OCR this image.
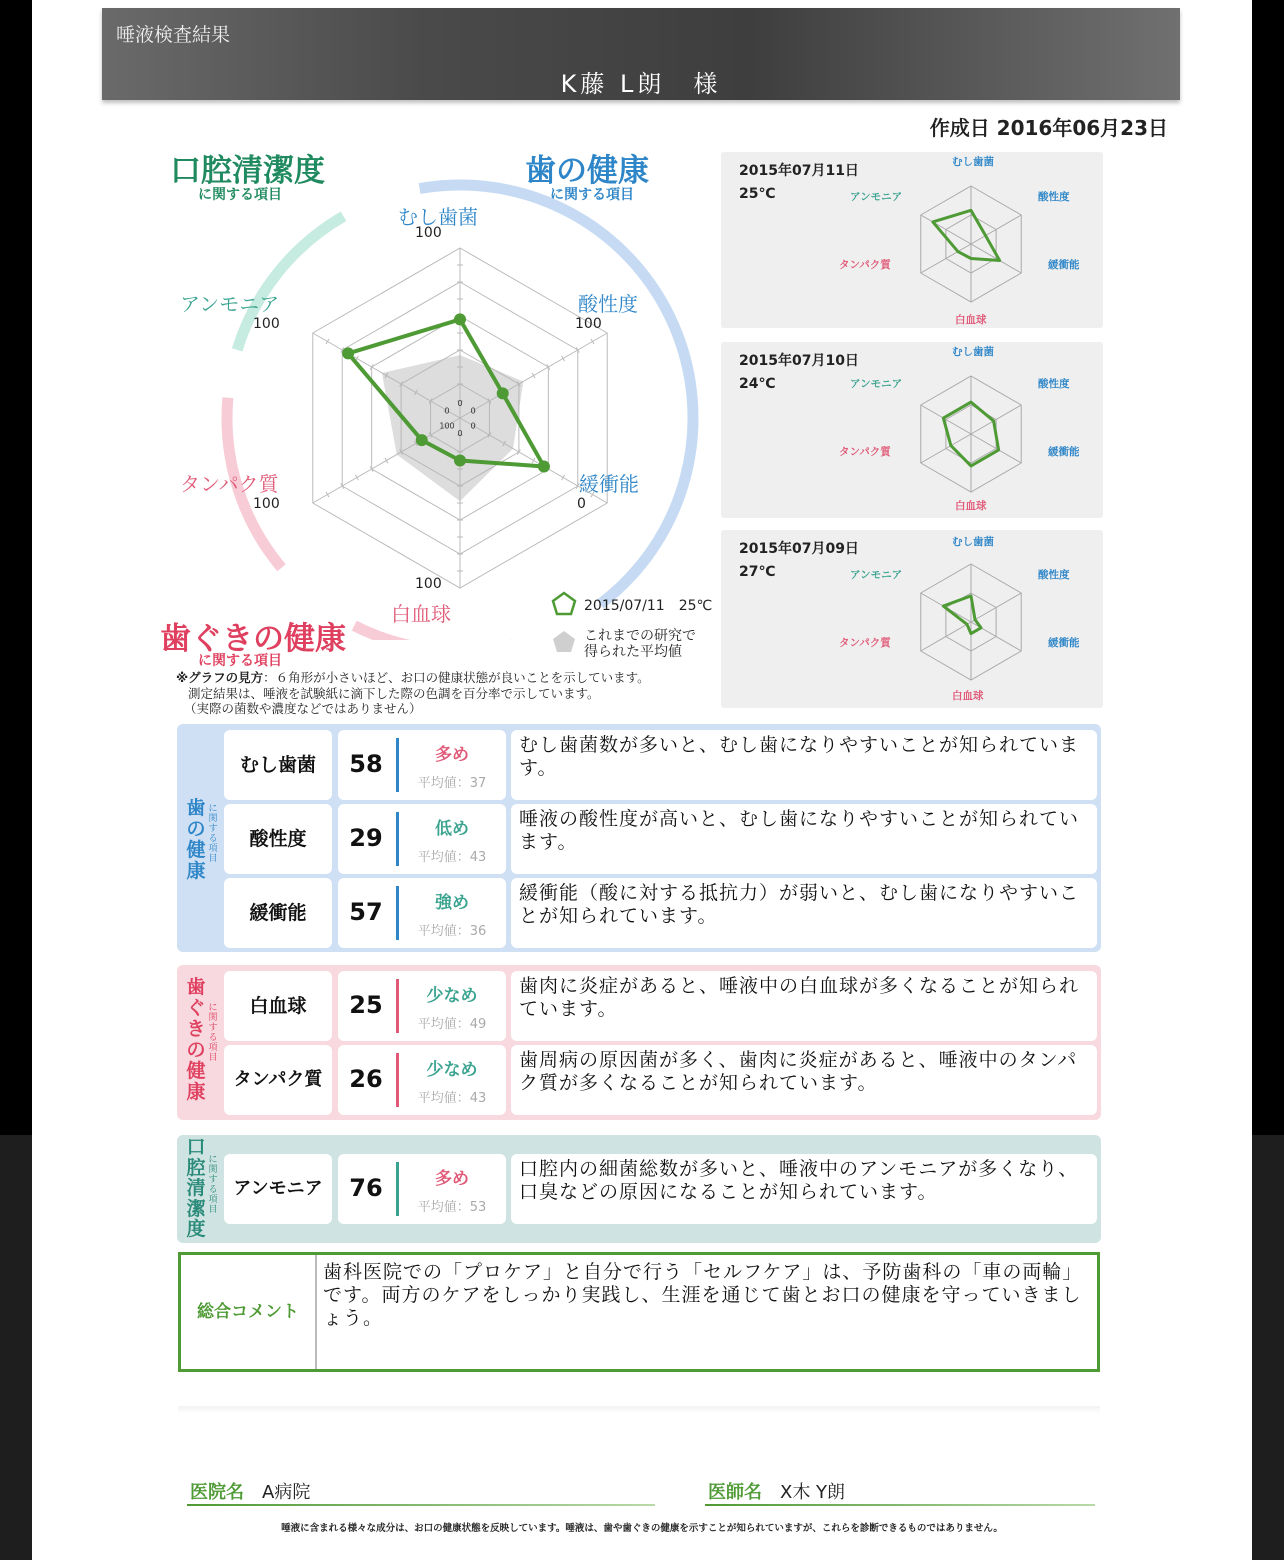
唾液検査結果
K藤 L朗　様
作成日 2016年06月23日
口腔清潔度
に関する項目
歯の健康
に関する項目
歯ぐきの健康
に関する項目
0
0
0
0
100
0
むし歯菌
100
酸性度
100
緩衝能
0
100
白血球
タンパク質
100
アンモニア
100
2015/07/11　25℃
これまでの研究で
得られた平均値
※グラフの見方：６角形が小さいほど、お口の健康状態が良いことを示しています。
測定結果は、唾液を試験紙に滴下した際の色調を百分率で示しています。
（実際の菌数や濃度などではありません）
2015年07月11日
25℃
むし歯菌
酸性度
緩衝能
白血球
タンパク質
アンモニア
2015年07月10日
24℃
むし歯菌
酸性度
緩衝能
白血球
タンパク質
アンモニア
2015年07月09日
27℃
むし歯菌
酸性度
緩衝能
白血球
タンパク質
アンモニア
歯の健康
に関する項目
歯ぐきの健康
に関する項目
口腔清潔度
に関する項目
むし歯菌	58	多め
平均値：37
むし歯菌数が多いと、むし歯になりやすいことが知られています。
酸性度	29	低め
平均値：43
唾液の酸性度が高いと、むし歯になりやすいことが知られています。
緩衝能	57	強め
平均値：36
緩衝能（酸に対する抵抗力）が弱いと、むし歯になりやすいことが知られています。
白血球	25	少なめ
平均値：49
歯肉に炎症があると、唾液中の白血球が多くなることが知られています。
タンパク質	26	少なめ
平均値：43
歯周病の原因菌が多く、歯肉に炎症があると、唾液中のタンパク質が多くなることが知られています。
アンモニア	76	多め
平均値：53
口腔内の細菌総数が多いと、唾液中のアンモニアが多くなり、口臭などの原因になることが知られています。
総合コメント
歯科医院での「プロケア」と自分で行う「セルフケア」は、予防歯科の「車の両輪」です。両方のケアをしっかり実践し、生涯を通じて歯とお口の健康を守っていきましょう。
医院名 A病院	医師名 X木 Y朗
唾液に含まれる様々な成分は、お口の健康状態を反映しています。唾液は、歯や歯ぐきの健康を示すことが知られていますが、これらを診断できるものではありません。
